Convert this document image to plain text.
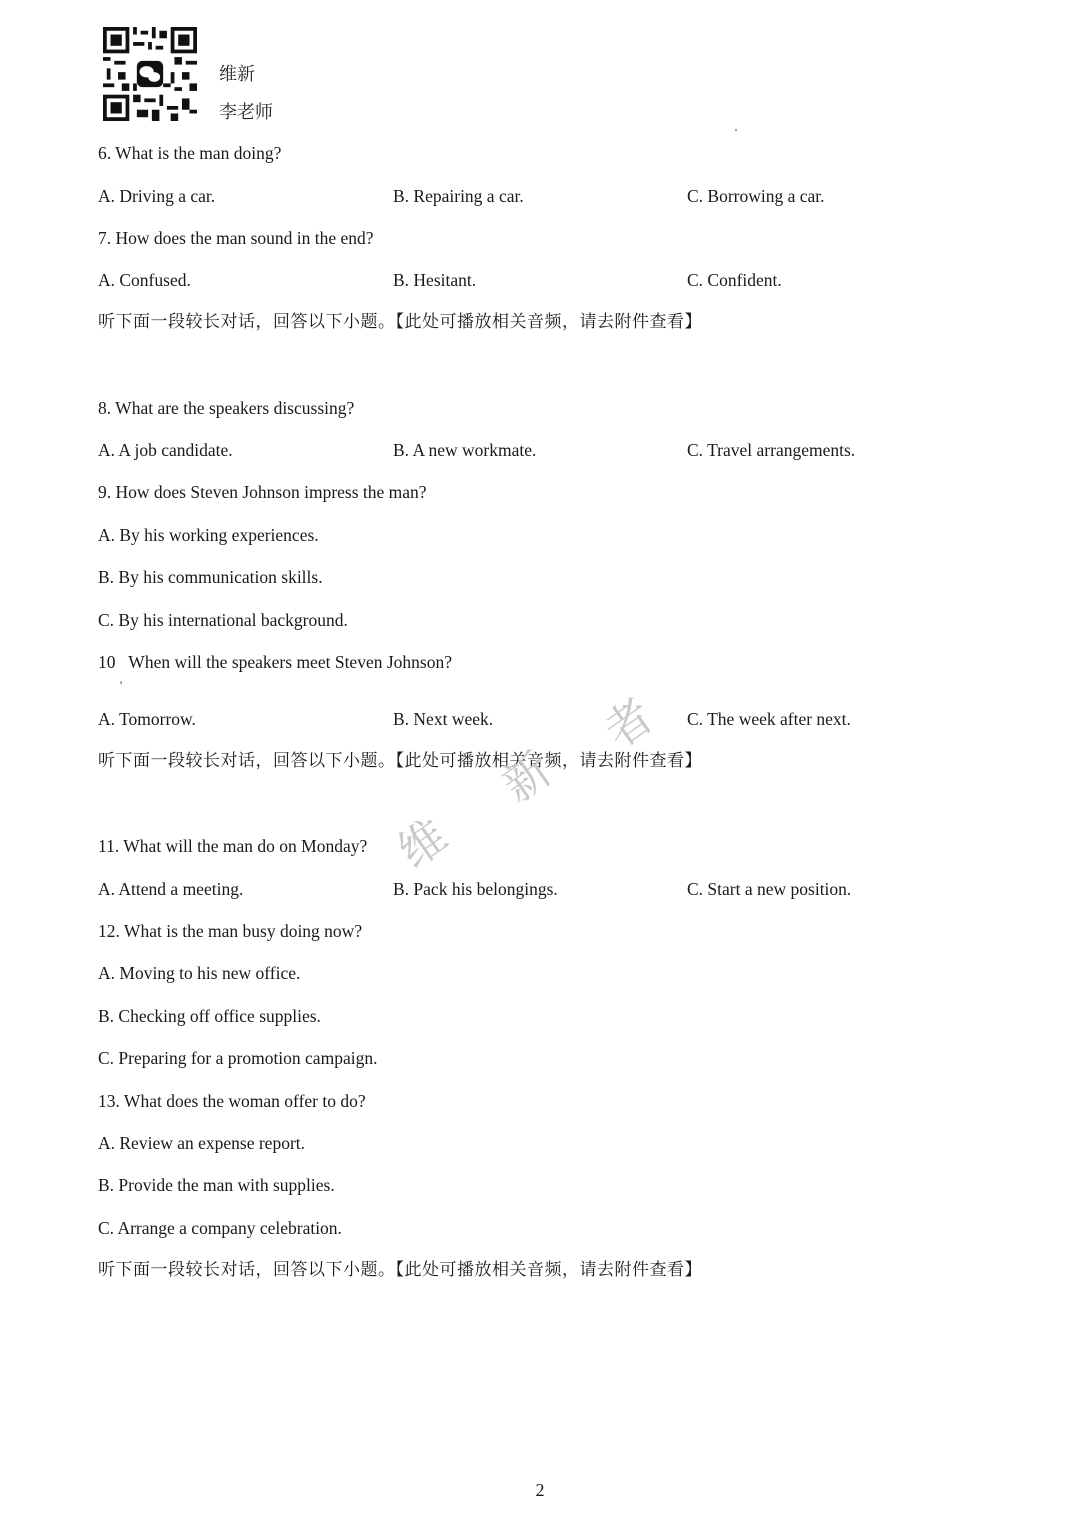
维新
李老师
6. What is the man doing?
A. Driving a car.	B. Repairing a car.	C. Borrowing a car.
7. How does the man sound in the end?
A. Confused.	B. Hesitant.	C. Confident.
听下面一段较长对话，回答以下小题。【此处可播放相关音频，请去附件查看】
8. What are the speakers discussing?
A. A job candidate.	B. A new workmate.	C. Travel arrangements.
9. How does Steven Johnson impress the man?
A. By his working experiences.
B. By his communication skills.
C. By his international background.
10   When will the speakers meet Steven Johnson?
'
A. Tomorrow.	B. Next week.	C. The week after next.
听下面一段较长对话，回答以下小题。【此处可播放相关音频，请去附件查看】
11. What will the man do on Monday?
A. Attend a meeting.	B. Pack his belongings.	C. Start a new position.
12. What is the man busy doing now?
A. Moving to his new office.
B. Checking off office supplies.
C. Preparing for a promotion campaign.
13. What does the woman offer to do?
A. Review an expense report.
B. Provide the man with supplies.
C. Arrange a company celebration.
听下面一段较长对话，回答以下小题。【此处可播放相关音频，请去附件查看】
维
新
者
2
